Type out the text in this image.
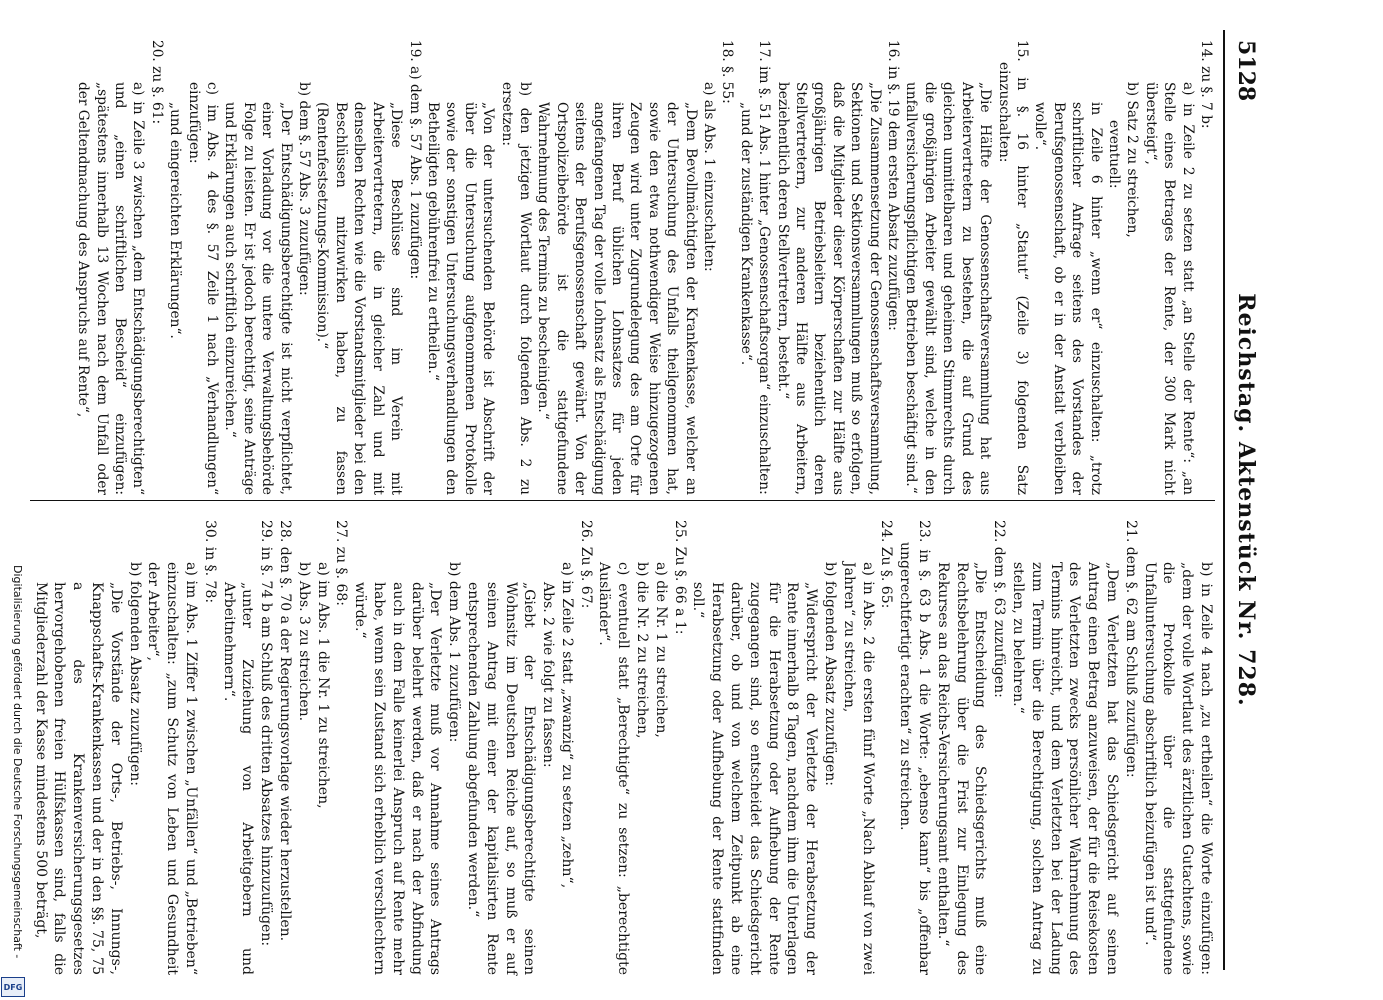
5128
Reichstag. Aktenstück Nr. 728.

14. zu §. 7 b:

a) in Zeile 2 zu setzen statt „an Stelle der Rente“: „an Stelle eines Betrages der Rente, der 300 Mark nicht übersteigt“,

b) Satz 2 zu streichen,

eventuell:

in Zeile 6 hinter „wenn er“ einzuschalten: „trotz schriftlicher Anfrage seitens des Vorstandes der Berufsgenossenschaft, ob er in der Anstalt verbleiben wolle“.

15. in §. 16 hinter „Statut“ (Zeile 3) folgenden Satz einzuschalten:

„Die Hälfte der Genossenschaftsversammlung hat aus Arbeitervertretern zu bestehen, die auf Grund des gleichen unmittelbaren und geheimen Stimmrechts durch die großjährigen Arbeiter gewählt sind, welche in den unfallversicherungspflichtigen Betrieben beschäftigt sind.“

16. in §. 19 dem ersten Absatz zuzufügen:

„Die Zusammensetzung der Genossenschaftsversammlung, Sektionen und Sektionsversammlungen muß so erfolgen, daß die Mitglieder dieser Körperschaften zur Hälfte aus großjährigen Betriebsleitern beziehentlich deren Stellvertretern, zur anderen Hälfte aus Arbeitern, beziehentlich deren Stellvertretern, besteht.“

17. im §. 51 Abs. 1 hinter „Genossenschaftsorgan“ einzuschalten:

„und der zuständigen Krankenkasse“.

18. §. 55:

a) als Abs. 1 einzuschalten:

„Dem Bevollmächtigten der Krankenkasse, welcher an der Untersuchung des Unfalls theilgenommen hat, sowie den etwa nothwendiger Weise hinzugezogenen Zeugen wird unter Zugrundelegung des am Orte für ihren Beruf üblichen Lohnsatzes für jeden angefangenen Tag der volle Lohnsatz als Entschädigung seitens der Berufsgenossenschaft gewährt. Von der Ortspolizeibehörde ist die stattgefundene Wahrnehmung des Termins zu bescheinigen.“

b) den jetzigen Wortlaut durch folgenden Abs. 2 zu ersetzen:

„Von der untersuchenden Behörde ist Abschrift der über die Untersuchung aufgenommenen Protokolle sowie der sonstigen Untersuchungsverhandlungen den Betheiligten gebührenfrei zu ertheilen.“

19. a) dem §. 57 Abs. 1 zuzufügen:

„Diese Beschlüsse sind im Verein mit Arbeitervertretern, die in gleicher Zahl und mit denselben Rechten wie die Vorstandsmitglieder bei den Beschlüssen mitzuwirken haben, zu fassen (Rentenfestsetzungs-Kommission).“

b) dem §. 57 Abs. 3 zuzufügen:

„Der Entschädigungsberechtigte ist nicht verpflichtet, einer Vorladung vor die untere Verwaltungsbehörde Folge zu leisten. Er ist jedoch berechtigt, seine Anträge und Erklärungen auch schriftlich einzureichen.“

c) im Abs. 4 des §. 57 Zeile 1 nach „Verhandlungen“ einzufügen:

„und eingereichten Erklärungen“.

20. zu §. 61:

a) in Zeile 3 zwischen „dem Entschädigungsberechtigten“ und „einen schriftlichen Bescheid“ einzufügen: „spätestens innerhalb 13 Wochen nach dem Unfall oder der Geltendmachung des Anspruchs auf Rente“,

b) in Zeile 4 nach „zu ertheilen“ die Worte einzufügen: „dem der volle Wortlaut des ärztlichen Gutachtens, sowie die Protokolle über die stattgefundene Unfalluntersuchung abschriftlich beizufügen ist und“.

21. dem §. 62 am Schluß zuzufügen:

„Dem Verletzten hat das Schiedsgericht auf seinen Antrag einen Betrag anzuweisen, der für die Reisekosten des Verletzten zwecks persönlicher Wahrnehmung des Termins hinreicht, und dem Verletzten bei der Ladung zum Termin über die Berechtigung, solchen Antrag zu stellen, zu belehren.“

22. dem §. 63 zuzufügen:

„Die Entscheidung des Schiedsgerichts muß eine Rechtsbelehrung über die Frist zur Einlegung des Rekurses an das Reichs-Versicherungsamt enthalten.“

23. in §. 63 b Abs. 1 die Worte: „ebenso kann“ bis „offenbar ungerechtfertigt erachten“ zu streichen.

24. Zu §. 65:

a) in Abs. 2 die ersten fünf Worte „Nach Ablauf von zwei Jahren“ zu streichen,

b) folgenden Absatz zuzufügen:

„Widerspricht der Verletzte der Herabsetzung der Rente innerhalb 8 Tagen, nachdem ihm die Unterlagen für die Herabsetzung oder Aufhebung der Rente zugegangen sind, so entscheidet das Schiedsgericht darüber, ob und von welchem Zeitpunkt ab eine Herabsetzung oder Aufhebung der Rente stattfinden soll.“

25. Zu §. 66 a 1:

a) die Nr. 1 zu streichen,

b) die Nr. 2 zu streichen,

c) eventuell statt „Berechtigte“ zu setzen: „berechtigte Ausländer“.

26. Zu §. 67:

a) in Zeile 2 statt „zwanzig“ zu setzen „zehn“,

Abs. 2 wie folgt zu fassen:

„Giebt der Entschädigungsberechtigte seinen Wohnsitz im Deutschen Reiche auf, so muß er auf seinen Antrag mit einer der kapitalisirten Rente entsprechenden Zahlung abgefunden werden.“

b) dem Abs. 1 zuzufügen:

„Der Verletzte muß vor Annahme seines Antrags darüber belehrt werden, daß er nach der Abfindung auch in dem Falle keinerlei Anspruch auf Rente mehr habe, wenn sein Zustand sich erheblich verschlechtern würde.“

27. zu §. 68:

a) im Abs. 1 die Nr. 1 zu streichen,

b) Abs. 3 zu streichen.

28. den §. 70 a der Regierungsvorlage wieder herzustellen.

29. in §. 74 b am Schluß des dritten Absatzes hinzuzufügen:

„unter Zuziehung von Arbeitgebern und Arbeitnehmern“.

30. in §. 78:

a) im Abs. 1 Ziffer 1 zwischen „Unfällen“ und „Betrieben“ einzuschalten: „zum Schutz von Leben und Gesundheit der Arbeiter“,

b) folgenden Absatz zuzufügen:

„Die Vorstände der Orts-, Betriebs-, Innungs-, Knappschafts-Krankenkassen und der in den §§. 75, 75 a des Krankenversicherungsgesetzes hervorgehobenen freien Hülfskassen sind, falls die Mitgliederzahl der Kasse mindestens 500 beträgt,

Digitalisierung gefördert durch die Deutsche Forschungsgemeinschaft -
DFG
